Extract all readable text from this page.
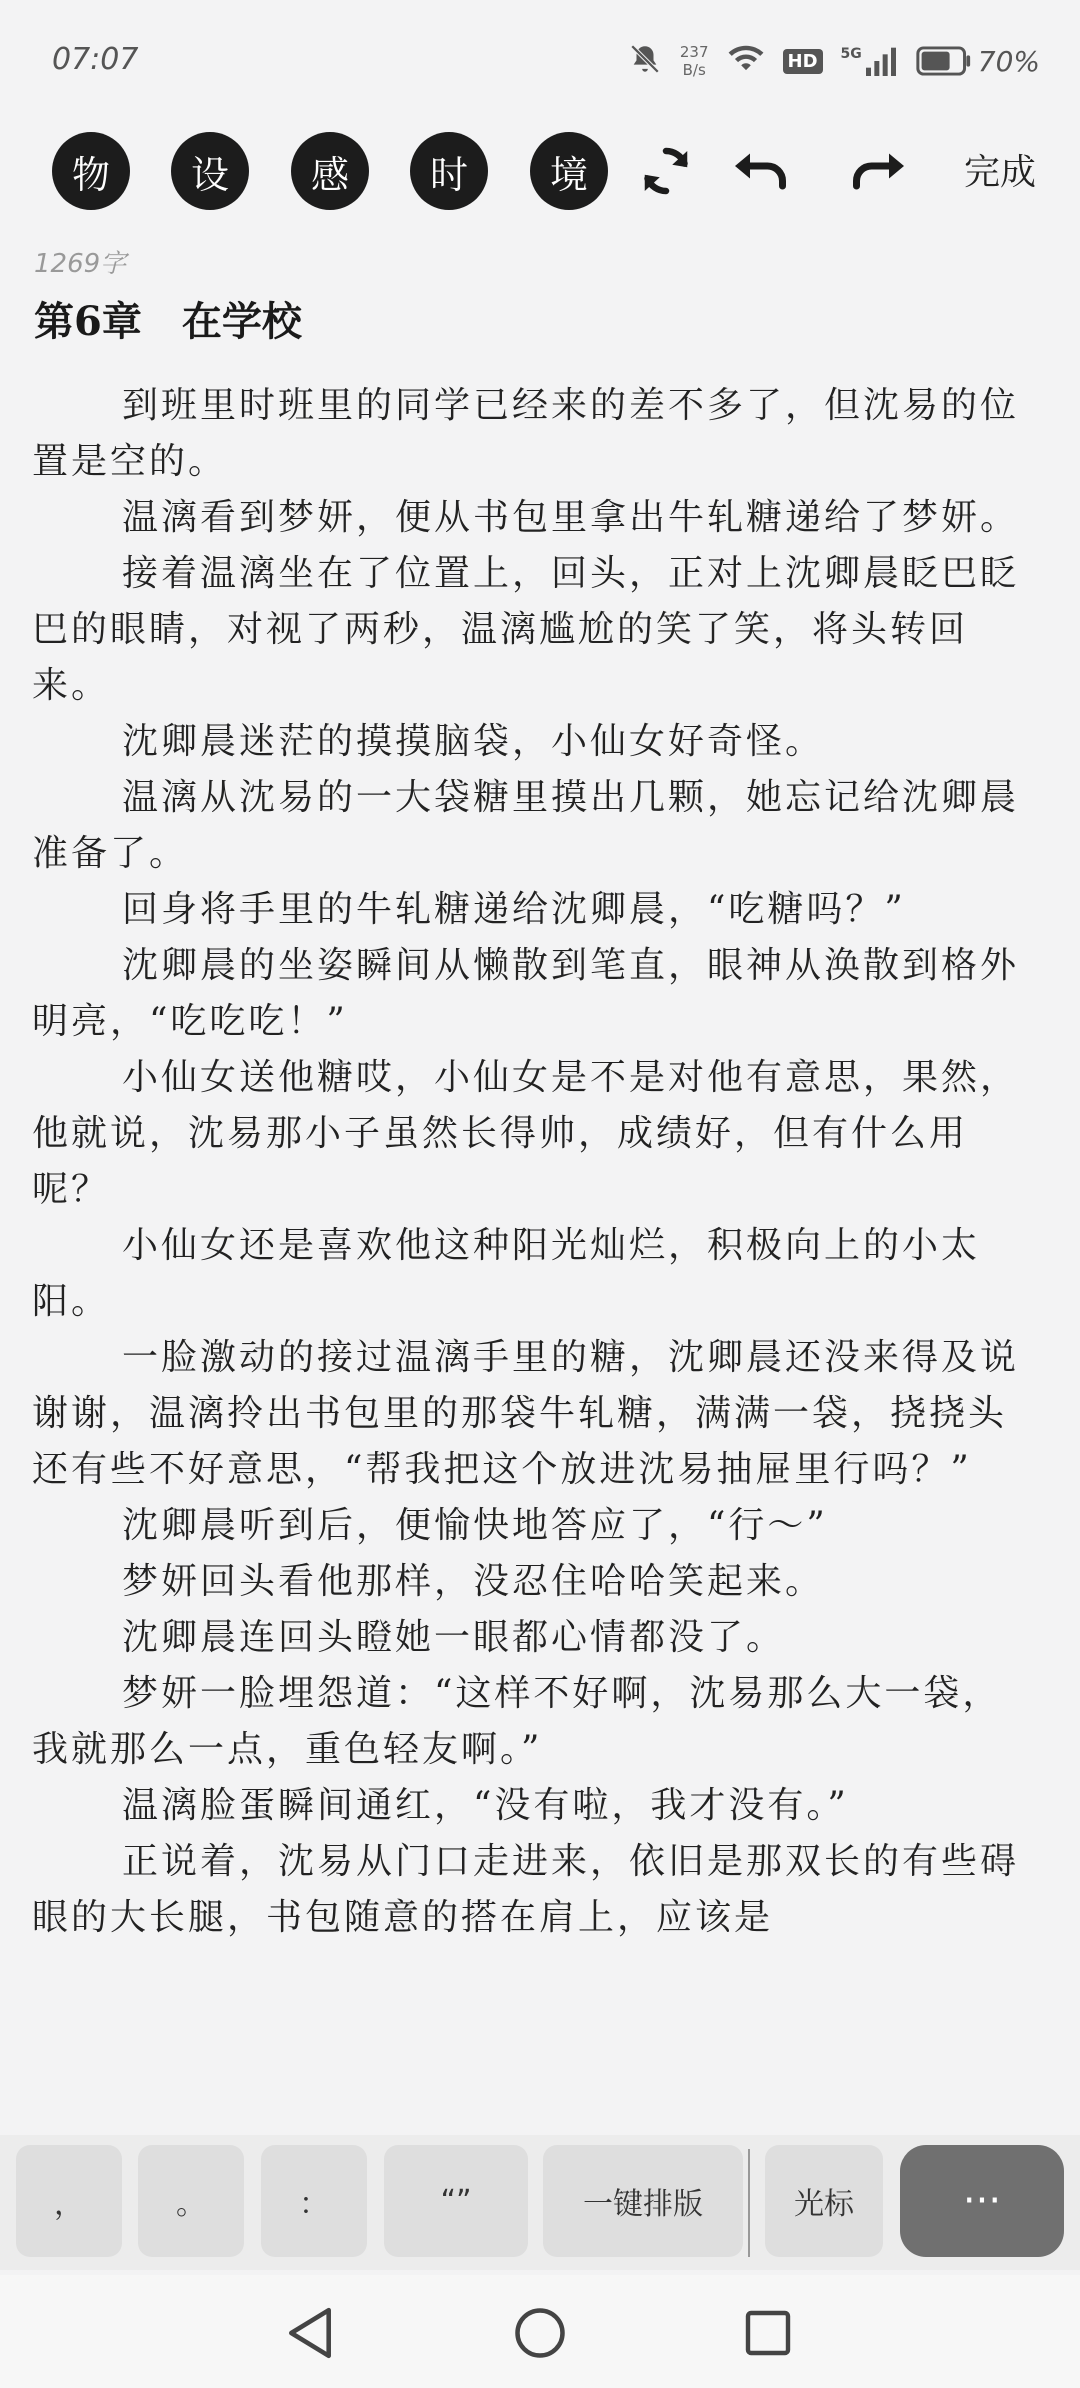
07:07	237
B/s	HD	5G	70%
物	设	感	时	境	完成
1269字
第6章　在学校

到班里时班里的同学已经来的差不多了，但沈易的位置是空的。

温漓看到梦妍，便从书包里拿出牛轧糖递给了梦妍。

接着温漓坐在了位置上，回头，正对上沈卿晨眨巴眨巴的眼睛，对视了两秒，温漓尴尬的笑了笑，将头转回来。

沈卿晨迷茫的摸摸脑袋，小仙女好奇怪。

温漓从沈易的一大袋糖里摸出几颗，她忘记给沈卿晨准备了。

回身将手里的牛轧糖递给沈卿晨，“吃糖吗？”

沈卿晨的坐姿瞬间从懒散到笔直，眼神从涣散到格外明亮，“吃吃吃！”

小仙女送他糖哎，小仙女是不是对他有意思，果然，他就说，沈易那小子虽然长得帅，成绩好，但有什么用呢？

小仙女还是喜欢他这种阳光灿烂，积极向上的小太阳。

一脸激动的接过温漓手里的糖，沈卿晨还没来得及说谢谢，温漓拎出书包里的那袋牛轧糖，满满一袋，挠挠头还有些不好意思，“帮我把这个放进沈易抽屉里行吗？”

沈卿晨听到后，便愉快地答应了，“行～”

梦妍回头看他那样，没忍住哈哈笑起来。

沈卿晨连回头瞪她一眼都心情都没了。

梦妍一脸埋怨道：“这样不好啊，沈易那么大一袋，我就那么一点，重色轻友啊。”

温漓脸蛋瞬间通红，“没有啦，我才没有。”

正说着，沈易从门口走进来，依旧是那双长的有些碍眼的大长腿，书包随意的搭在肩上，应该是

，	。	：	“”	一键排版	光标	···
